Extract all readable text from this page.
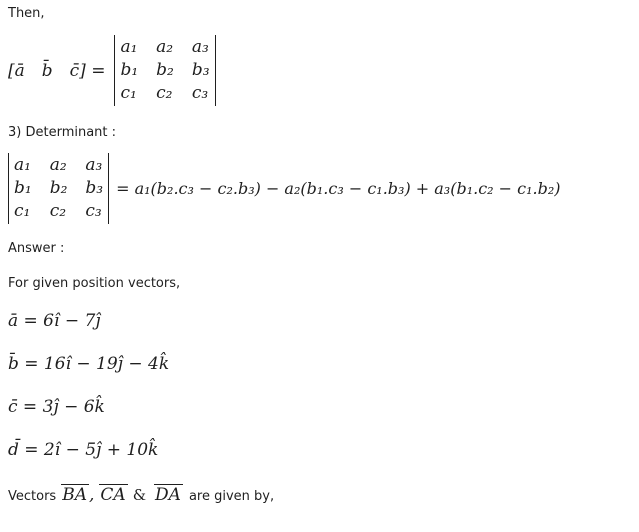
Then,

[ā b̄ c̄] =
a₁ a₂ a₃
b₁ b₂ b₃
c₁ c₂ c₃

3) Determinant :

a₁ a₂ a₃
b₁ b₂ b₃
c₁ c₂ c₃
= a₁(b₂.c₃ − c₂.b₃) − a₂(b₁.c₃ − c₁.b₃) + a₃(b₁.c₂ − c₁.b₂)

Answer :

For given position vectors,

ā = 6î − 7ĵ

b̄ = 16î − 19ĵ − 4k̂

c̄ = 3ĵ − 6k̂

d̄ = 2î − 5ĵ + 10k̂

Vectors BA , CA & DA are given by,
